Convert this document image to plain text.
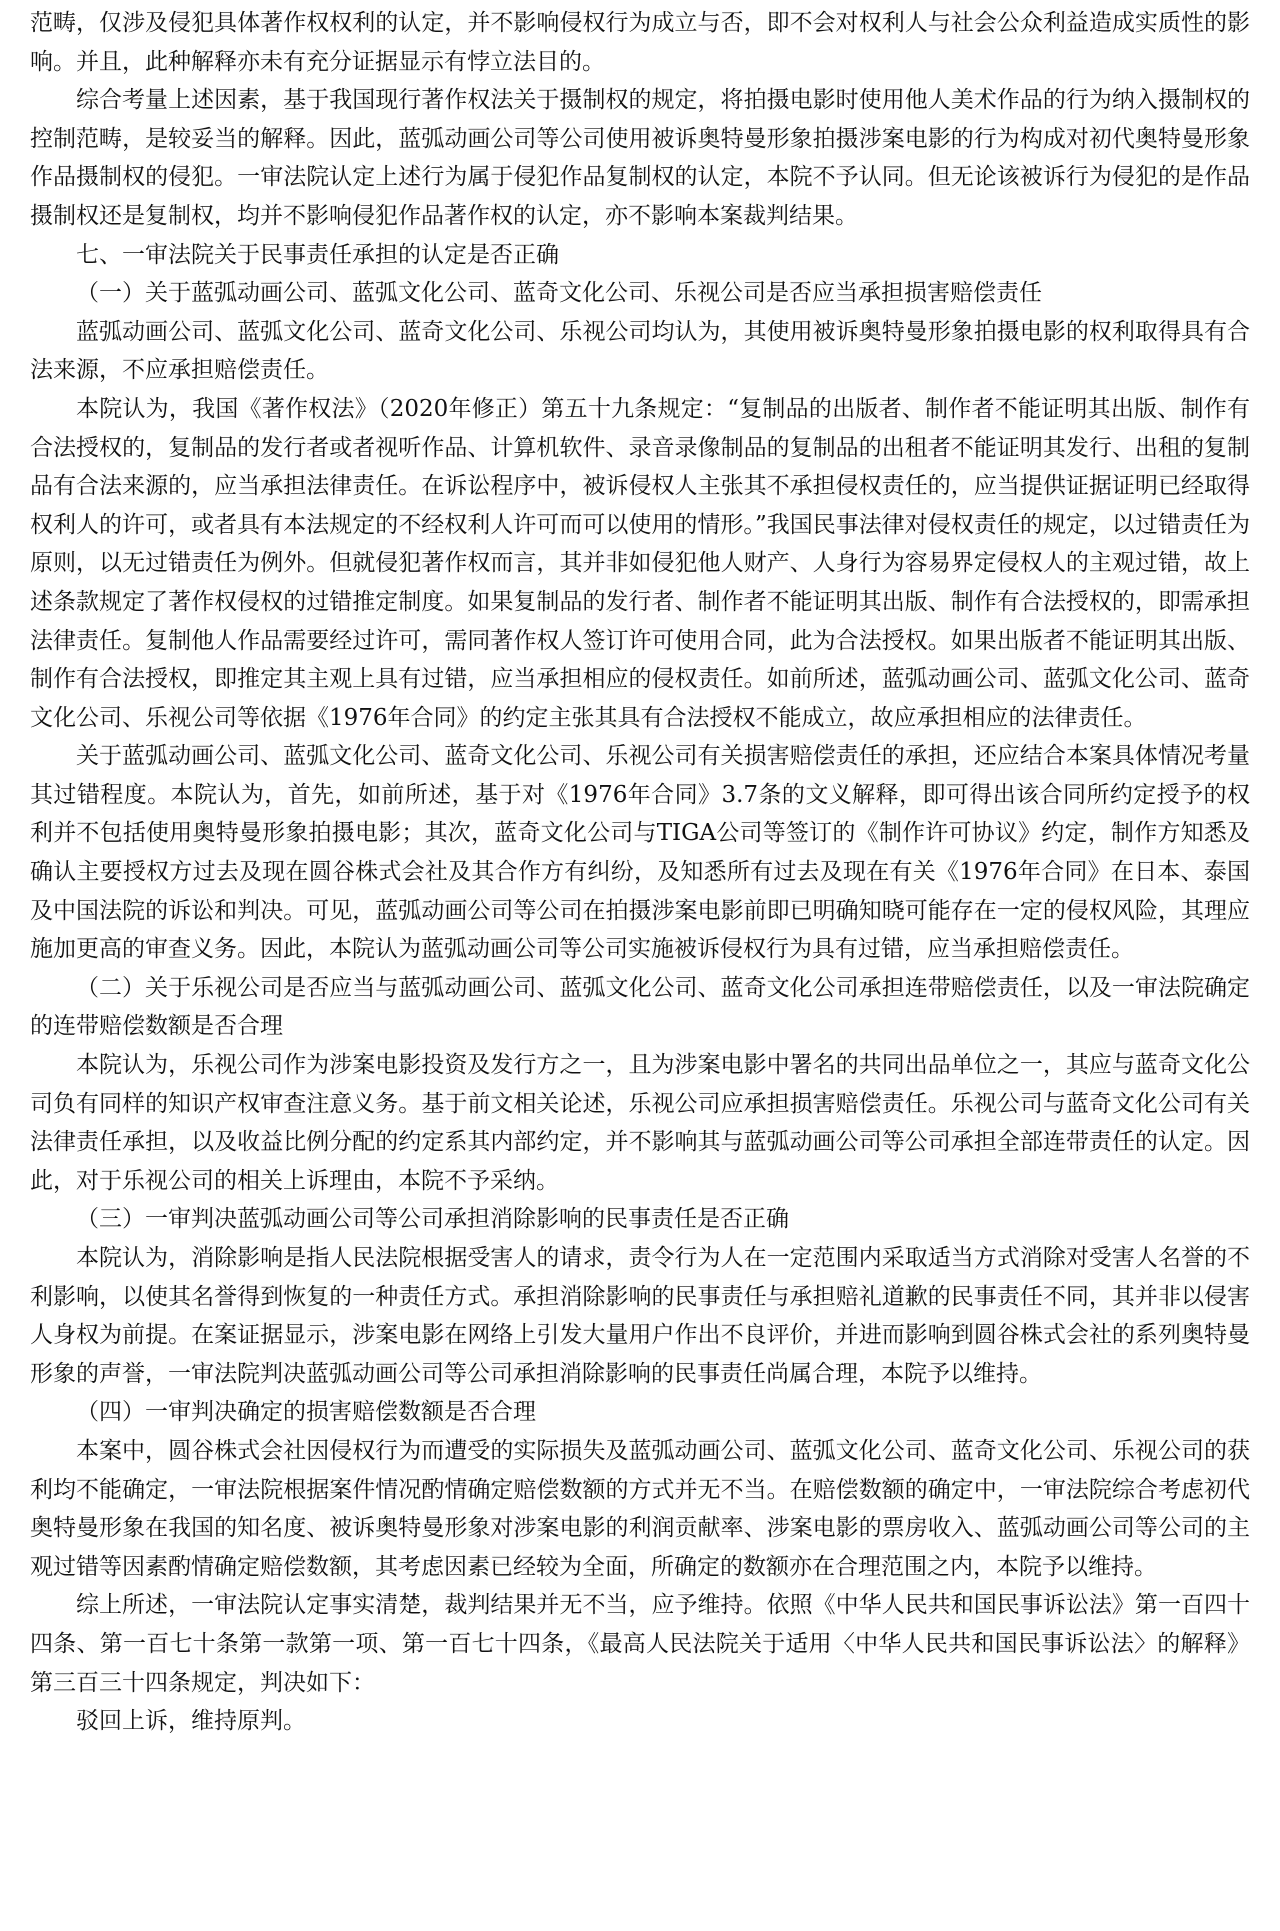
范畴，仅涉及侵犯具体著作权权利的认定，并不影响侵权行为成立与否，即不会对权利人与社会公众利益造成实质性的影响。并且，此种解释亦未有充分证据显示有悖立法目的。

综合考量上述因素，基于我国现行著作权法关于摄制权的规定，将拍摄电影时使用他人美术作品的行为纳入摄制权的控制范畴，是较妥当的解释。因此，蓝弧动画公司等公司使用被诉奥特曼形象拍摄涉案电影的行为构成对初代奥特曼形象作品摄制权的侵犯。一审法院认定上述行为属于侵犯作品复制权的认定，本院不予认同。但无论该被诉行为侵犯的是作品摄制权还是复制权，均并不影响侵犯作品著作权的认定，亦不影响本案裁判结果。

七、一审法院关于民事责任承担的认定是否正确

（一）关于蓝弧动画公司、蓝弧文化公司、蓝奇文化公司、乐视公司是否应当承担损害赔偿责任

蓝弧动画公司、蓝弧文化公司、蓝奇文化公司、乐视公司均认为，其使用被诉奥特曼形象拍摄电影的权利取得具有合法来源，不应承担赔偿责任。

本院认为，我国《著作权法》（2020年修正）第五十九条规定：“复制品的出版者、制作者不能证明其出版、制作有合法授权的，复制品的发行者或者视听作品、计算机软件、录音录像制品的复制品的出租者不能证明其发行、出租的复制品有合法来源的，应当承担法律责任。在诉讼程序中，被诉侵权人主张其不承担侵权责任的，应当提供证据证明已经取得权利人的许可，或者具有本法规定的不经权利人许可而可以使用的情形。”我国民事法律对侵权责任的规定，以过错责任为原则，以无过错责任为例外。但就侵犯著作权而言，其并非如侵犯他人财产、人身行为容易界定侵权人的主观过错，故上述条款规定了著作权侵权的过错推定制度。如果复制品的发行者、制作者不能证明其出版、制作有合法授权的，即需承担法律责任。复制他人作品需要经过许可，需同著作权人签订许可使用合同，此为合法授权。如果出版者不能证明其出版、制作有合法授权，即推定其主观上具有过错，应当承担相应的侵权责任。如前所述，蓝弧动画公司、蓝弧文化公司、蓝奇文化公司、乐视公司等依据《1976年合同》的约定主张其具有合法授权不能成立，故应承担相应的法律责任。

关于蓝弧动画公司、蓝弧文化公司、蓝奇文化公司、乐视公司有关损害赔偿责任的承担，还应结合本案具体情况考量其过错程度。本院认为，首先，如前所述，基于对《1976年合同》3.7条的文义解释，即可得出该合同所约定授予的权利并不包括使用奥特曼形象拍摄电影；其次，蓝奇文化公司与TIGA公司等签订的《制作许可协议》约定，制作方知悉及确认主要授权方过去及现在圆谷株式会社及其合作方有纠纷，及知悉所有过去及现在有关《1976年合同》在日本、泰国及中国法院的诉讼和判决。可见，蓝弧动画公司等公司在拍摄涉案电影前即已明确知晓可能存在一定的侵权风险，其理应施加更高的审查义务。因此，本院认为蓝弧动画公司等公司实施被诉侵权行为具有过错，应当承担赔偿责任。

（二）关于乐视公司是否应当与蓝弧动画公司、蓝弧文化公司、蓝奇文化公司承担连带赔偿责任，以及一审法院确定的连带赔偿数额是否合理

本院认为，乐视公司作为涉案电影投资及发行方之一，且为涉案电影中署名的共同出品单位之一，其应与蓝奇文化公司负有同样的知识产权审查注意义务。基于前文相关论述，乐视公司应承担损害赔偿责任。乐视公司与蓝奇文化公司有关法律责任承担，以及收益比例分配的约定系其内部约定，并不影响其与蓝弧动画公司等公司承担全部连带责任的认定。因此，对于乐视公司的相关上诉理由，本院不予采纳。

（三）一审判决蓝弧动画公司等公司承担消除影响的民事责任是否正确

本院认为，消除影响是指人民法院根据受害人的请求，责令行为人在一定范围内采取适当方式消除对受害人名誉的不利影响，以使其名誉得到恢复的一种责任方式。承担消除影响的民事责任与承担赔礼道歉的民事责任不同，其并非以侵害人身权为前提。在案证据显示，涉案电影在网络上引发大量用户作出不良评价，并进而影响到圆谷株式会社的系列奥特曼形象的声誉，一审法院判决蓝弧动画公司等公司承担消除影响的民事责任尚属合理，本院予以维持。

（四）一审判决确定的损害赔偿数额是否合理

本案中，圆谷株式会社因侵权行为而遭受的实际损失及蓝弧动画公司、蓝弧文化公司、蓝奇文化公司、乐视公司的获利均不能确定，一审法院根据案件情况酌情确定赔偿数额的方式并无不当。在赔偿数额的确定中，一审法院综合考虑初代奥特曼形象在我国的知名度、被诉奥特曼形象对涉案电影的利润贡献率、涉案电影的票房收入、蓝弧动画公司等公司的主观过错等因素酌情确定赔偿数额，其考虑因素已经较为全面，所确定的数额亦在合理范围之内，本院予以维持。

综上所述，一审法院认定事实清楚，裁判结果并无不当，应予维持。依照《中华人民共和国民事诉讼法》第一百四十四条、第一百七十条第一款第一项、第一百七十四条，《最高人民法院关于适用〈中华人民共和国民事诉讼法〉的解释》第三百三十四条规定，判决如下：

驳回上诉，维持原判。
